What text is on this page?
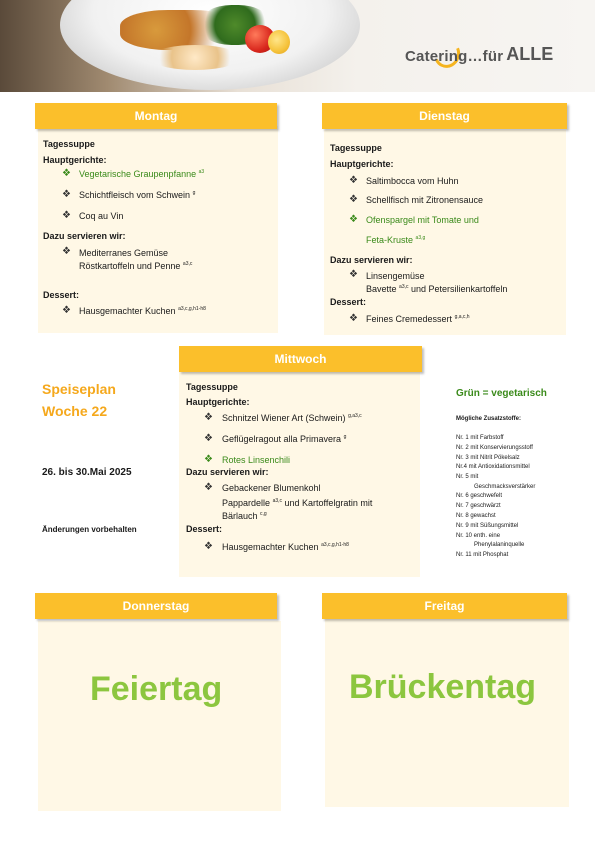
Catering…für ALLE
Montag
Tagessuppe
Hauptgerichte:
❖ Vegetarische Graupenpfanne $^{a3}$
❖ Schichtfleisch vom Schwein $^g$
❖ Coq au Vin
Dazu servieren wir:
❖ Mediterranes Gemüse
Röstkartoffeln und Penne $^{a3,c}$
Dessert:
❖ Hausgemachter Kuchen $^{a3,c,g,h1-h8}$
Dienstag
Tagessuppe
Hauptgerichte:
❖ Saltimbocca vom Huhn
❖ Schellfisch mit Zitronensauce
❖ Ofenspargel mit Tomate und
Feta-Kruste $^{a3,g}$
Dazu servieren wir:
❖ Linsengemüse
Bavette $^{a3,c}$ und Petersilienkartoffeln
Dessert:
❖ Feines Cremedessert $^{g,a,c,h}$
Mittwoch
Tagessuppe
Hauptgerichte:
❖ Schnitzel Wiener Art (Schwein) $^{g,a3,c}$
❖ Geflügelragout alla Primavera $^g$
❖ Rotes Linsenchili
Dazu servieren wir:
❖ Gebackener Blumenkohl
Pappardelle $^{a3,c}$ und Kartoffelgratin mit
Bärlauch $^{c,g}$
Dessert:
❖ Hausgemachter Kuchen $^{a3,c,g,h1-h8}$
Speiseplan
Woche 22
26. bis 30.Mai 2025
Änderungen vorbehalten
Grün = vegetarisch
Mögliche Zusatzstoffe:
Nr. 1 mit Farbstoff
Nr. 2 mit Konservierungsstoff
Nr. 3 mit Nitrit Pökelsalz
Nr.4 mit Antioxidationsmittel
Nr. 5 mit
Geschmacksverstärker
Nr. 6 geschwefelt
Nr. 7 geschwärzt
Nr. 8 gewachst
Nr. 9 mit Süßungsmittel
Nr. 10 enth. eine
Phenylalaninquelle
Nr. 11 mit Phosphat
Donnerstag
Feiertag
Freitag
Brückentag
